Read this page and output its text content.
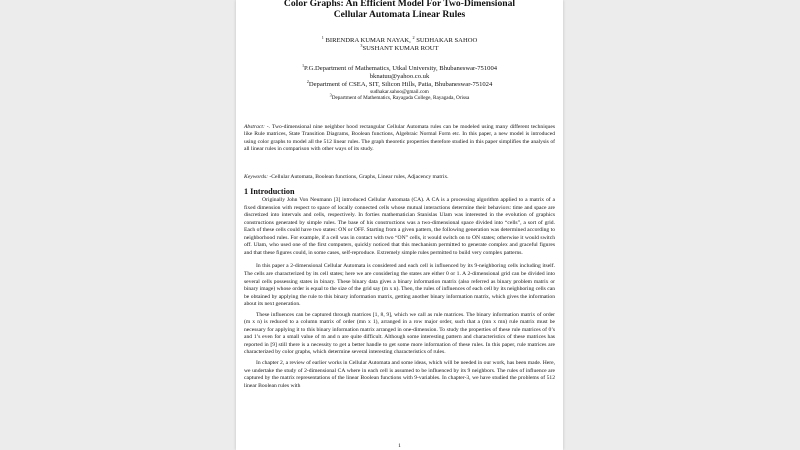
Color Graphs: An Efficient Model For Two-Dimensional
Cellular Automata Linear Rules
$^1$ BIRENDRA KUMAR NAYAK, $^2$ SUDHAKAR SAHOO
$^3$SUSHANT KUMAR ROUT
$^1$P.G.Department of Mathematics, Utkal University, Bhubaneswar-751004
bknatuu@yahoo.co.uk
$^2$Department of CSEA, SIT, Silicon Hills, Patia, Bhubaneswar-751024
sudhakar.sahoo@gmail.com
$^3$Department of Mathematics, Rayagada College, Rayagada, Orissa
Abstract: -. Two-dimensional nine neighbor hood rectangular Cellular Automata rules can be modeled using many different techniques like Rule matrices, State Transition Diagrams, Boolean functions, Algebraic Normal Form etc. In this paper, a new model is introduced using color graphs to model all the 512 linear rules. The graph theoretic properties therefore studied in this paper simplifies the analysis of all linear rules in comparison with other ways of its study.
Keywords: -Cellular Automata, Boolean functions, Graphs, Linear rules, Adjacency matrix.
1 Introduction

Originally John Von Neumann [3] introduced Cellular Automata (CA). A CA is a processing algorithm applied to a matrix of a fixed dimension with respect to space of locally connected cells whose mutual interactions determine their behaviors: time and space are discretized into intervals and cells, respectively. In forties mathematician Stanislas Ulam was interested in the evolution of graphics constructions generated by simple rules. The base of his constructions was a two-dimensional space divided into “cells”, a sort of grid. Each of these cells could have two states: ON or OFF. Starting from a given pattern, the following generation was determined according to neighborhood rules. For example, if a cell was in contact with two “ON” cells, it would switch on to ON states; otherwise it would switch off. Ulam, who used one of the first computers, quickly noticed that this mechanism permitted to generate complex and graceful figures and that these figures could, in some cases, self-reproduce. Extremely simple rules permitted to build very complex patterns.

In this paper a 2-dimensional Cellular Automata is considered and each cell is influenced by its 9-neighboring cells including itself. The cells are characterized by its cell states; here we are considering the states are either 0 or 1. A 2-dimensional grid can be divided into several cells possessing states in binary. These binary data gives a binary information matrix (also referred as binary problem matrix or binary image) whose order is equal to the size of the grid say (m x n). Then, the rules of influences of each cell by its neighboring cells can be obtained by applying the rule to this binary information matrix, getting another binary information matrix, which gives the information about its next generation.

These influences can be captured through matrices [1, 8, 9], which we call as rule matrices. The binary information matrix of order (m x n) is reduced to a column matrix of order (mn x 1), arranged in a row major order, such that a (mn x mn) rule matrix must be necessary for applying it to this binary information matrix arranged in one-dimension. To study the properties of these rule matrices of 0’s and 1’s even for a small value of m and n are quite difficult. Although some interesting pattern and characteristics of these matrices has reported in [9] still there is a necessity to get a better handle to get some more information of these rules. In this paper, rule matrices are characterized by color graphs, which determine several interesting characteristics of rules.

In chapter 2, a review of earlier works in Cellular Automata and some ideas, which will be needed in our work, has been made. Here, we undertake the study of 2-dimensional CA where in each cell is assumed to be influenced by its 9 neighbors. The rules of influence are captured by the matrix representations of the linear Boolean functions with 9-variables. In chapter-3, we have studied the problems of 512 linear Boolean rules with

1
